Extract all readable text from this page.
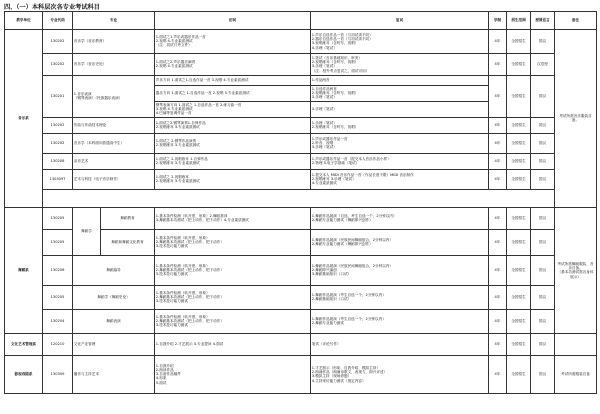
四、（一）本科层次各专业考试科目
教学单位	专业代码	专业		初试	复试	学制	招生范围	授课语言	备注
音乐系	130202	音乐学（音乐教育）		1.面试之1.声乐或器乐作品一首
2.视唱 4.专业素质测试
（注：初试只考文件）	1.声乐自选作品一首（与初试须不同）
2.器乐自选作品一首（与初试须不同）
3.视唱练耳（含听写、视唱）
4.乐理（笔试）	4年	全国招生	国汉	考试所需音乐服装自备。
	130202	音乐学（音乐史论）		1.面试之2.声乐器乐演唱
2.视唱 4.专业素质测试	1.笔试（音乐基础知识、审美）
2.视唱练耳（含听写、视唱）
3.乐理（笔试）
（注：校外考点复试之，面试可用）	4年	全国招生	汉语授	
	130201	1.音乐表演
（钢琴表演）（民族器乐表演）		声乐方向 1.面试之1.自选作品一首 3.视唱 4.专业素质测试	1.作品两首	4年	全国招生	国汉	
				器乐方向 1.面试之 1.自选作品一首 2.视唱 3.专业素质测试	1.自选作品两首
2.视唱练耳（含听写、视唱）
3.乐理（笔试）				

				钢琴表演方向 1.面试之 1.自选作品一首 2.练习曲一首
3.视唱 4.专业素质测试
4.巴赫等复调作品一首	3.乐理（笔试）				
	130202	作曲与作曲技术理论		1.面试之2.钢琴演奏1.自弹作品
2.视唱练耳 3.专业素质测试	1.乐理（笔试）
2.视唱练耳（含听写、视唱）	4年	全国招生	国汉	
	130202	音乐学（本科面向普通高中生）		1.面试之 2.钢琴作品演奏
2.视唱练耳 3.专业素质测试	1.声乐或器乐作品一首
2.听音、视唱
3.乐理（笔试）	4年	全国招生	国汉	
	130208	录音艺术		1.面试之 2.视唱练耳 1.自弹作品
2.视唱练耳 3.专业素质测试	1.声乐或器乐作品一首（提交本人音乐作品小样）
2.物理 3.电子学基础（笔试）	4年	全国招生	国汉	
	130309T	艺术与科技（电子音乐制作）		1.面试之 2.视唱练耳
2.视唱练耳 3.专业素质测试	1.提交本人 MIDI 音乐作品一首（作品长度不限）MIDI 音乐制作
2.视唱练耳 3.乐理（笔试）
4.专业素质测试	4年	全国招生	国汉	

舞蹈系	130205	舞蹈学	舞蹈教育	1.基本条件检测（软开度、形象）2.舞蹈基训
3.舞蹈基本功测试（把上动作、把下动作）4.专业素质测试	1.舞蹈作品展演（自选，考生自选一个，2分钟以内）
2.舞蹈专业能力测试（舞蹈即兴创作）	4年	全国招生	国汉	考试所需舞蹈服装、音乐自备。
（基本功测试需各身体展示）

	130205		舞蹈和舞蹈文化教育	1.基本条件检测（软开度、形象）
2.舞蹈基本功测试（把上动作、把下动作）
3.技术技巧能力测试	1.舞蹈作品展演（民族民间舞蹈组合，2分钟以内）
2.舞蹈专业能力测试（舞蹈即兴创作）	4年	全国招生	国汉	
	130206	舞蹈编导		1.基本条件检测（软开度、形象）
2.舞蹈基本功测试（把上动作、把下动作）
3.技术技巧能力测试	1.舞蹈作品展演（民族民间舞蹈组合，2分钟以内）
2.舞蹈即兴编创
3.舞蹈基础知识（口试）	4年	全国招生	国汉	
	130205	舞蹈学（舞蹈史论）		1.基本条件检测（软开度、形象）
2.舞蹈基本功测试（把上动作、把下动作）
3.技术技巧能力测试	1.舞蹈作品展演（考生自选一个，2分钟以内）
2.舞蹈基础知识（口试）	4年	全国招生	国汉	
	130204	舞蹈表演		1.基本条件检测（软开度、形象）
2.舞蹈基本功测试（把上动作、把下动作）
3.技术技巧能力测试	1.舞蹈作品展演（考生自选一个，2分钟以内）
2.舞蹈专业能力测试	4年	全国招生	国汉	
文化艺术管理系	120210	文化产业管理		1.自我介绍 2.才艺展示 3.专业提问 4.面试	笔试（评论写作）	4年	全国招生	国汉	
影视戏剧系	130309	播音与主持艺术		1.自我介绍
2.朗读作品
3.自备作品稿件
4.形象
5.面试	1.才艺展示（形象、自我介绍、模拟主持）
2.朗诵作品（朗诵诗歌文，表现力，即兴评述）
3.模拟主持（现场命题）
4.主持采访能力测试（指定内容）	4年	全国招生	国汉	考试所需服装自备
